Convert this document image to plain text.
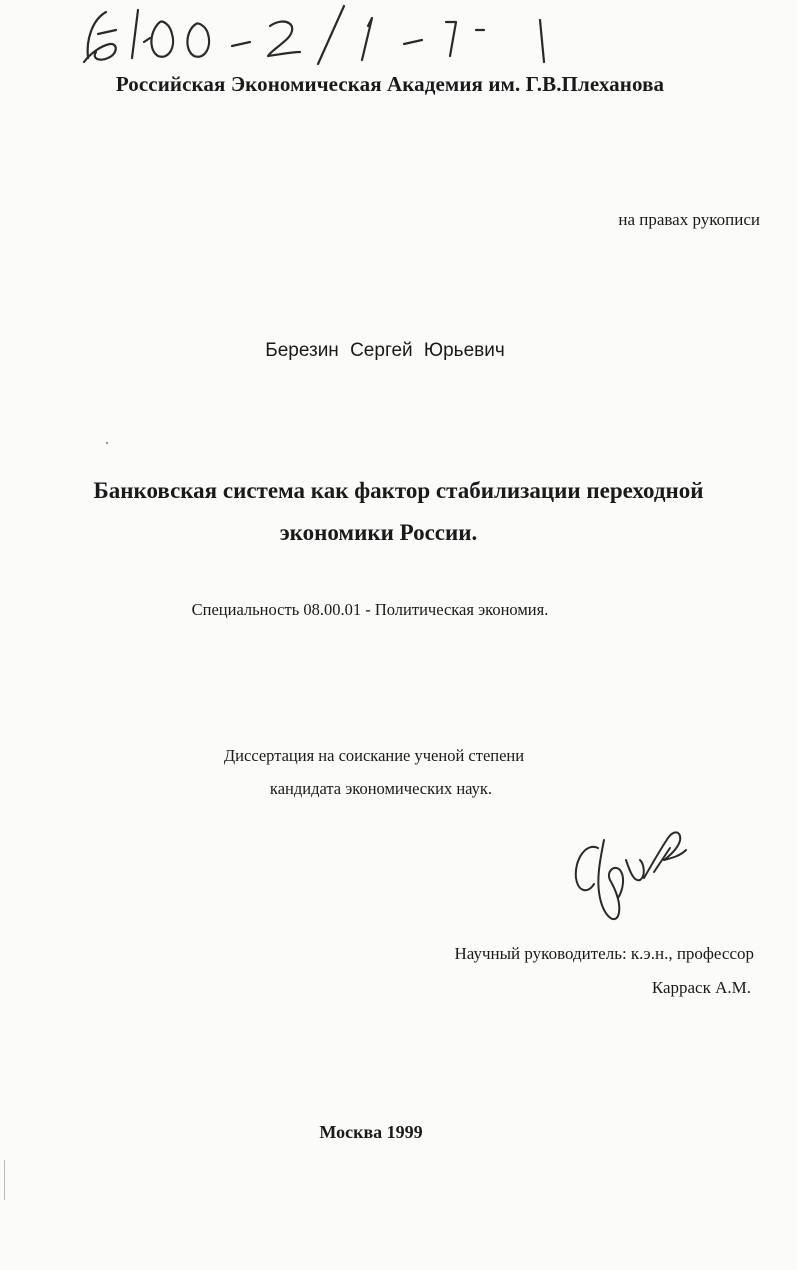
Российская Экономическая Академия им. Г.В.Плеханова
на правах рукописи
Березин Сергей Юрьевич
Банковская система как фактор стабилизации переходной
экономики России.
Специальность 08.00.01 - Политическая экономия.
Диссертация на соискание ученой степени
кандидата экономических наук.
Научный руководитель: к.э.н., профессор
Карраск А.М.
Москва 1999
